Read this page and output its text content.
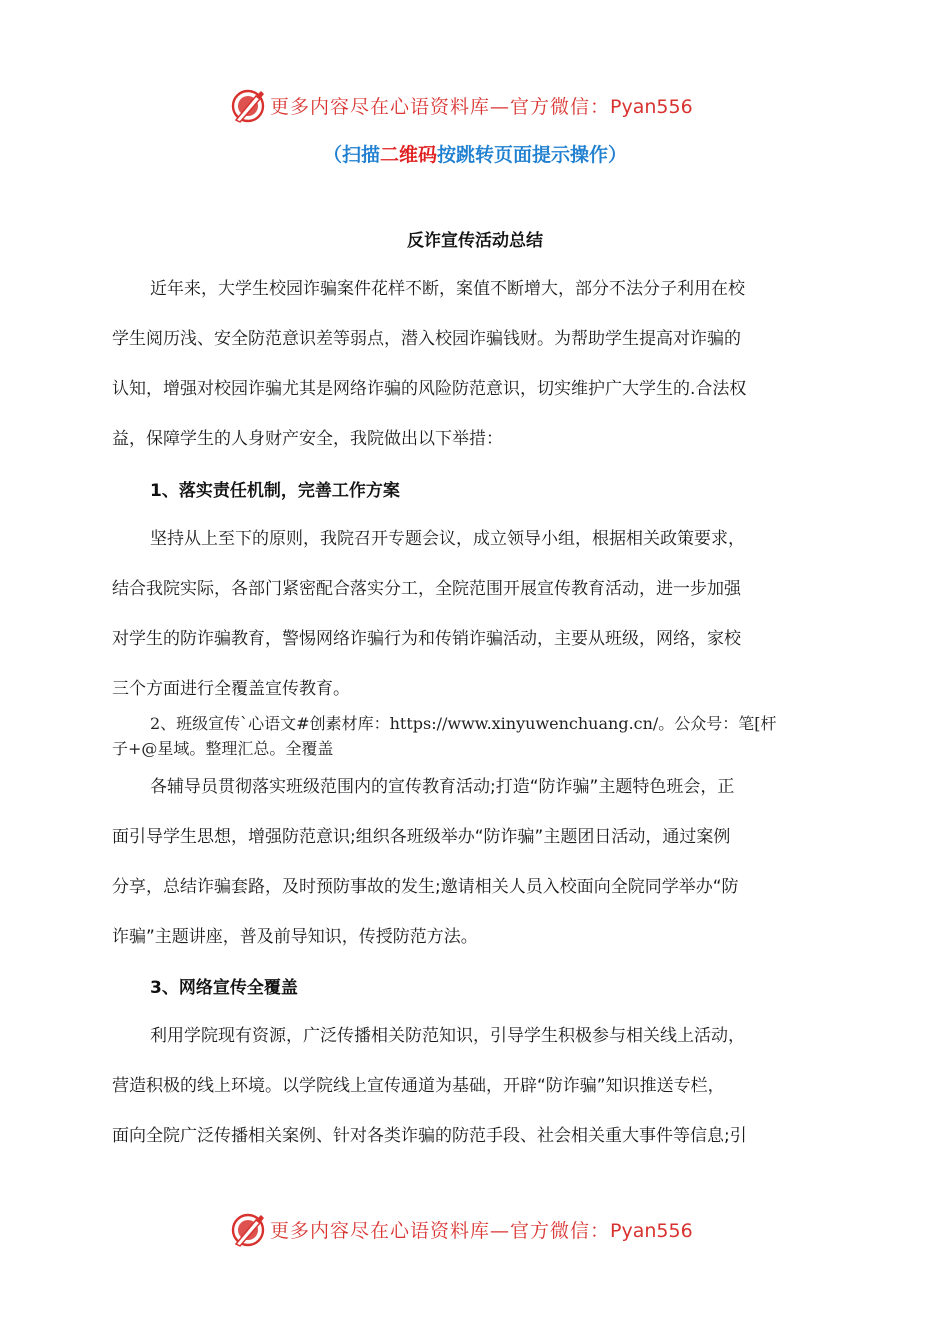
更多内容尽在心语资料库—官方微信：Pyan556
（扫描二维码按跳转页面提示操作）
反诈宣传活动总结
近年来，大学生校园诈骗案件花样不断，案值不断增大，部分不法分子利用在校
学生阅历浅、安全防范意识差等弱点，潜入校园诈骗钱财。为帮助学生提高对诈骗的
认知，增强对校园诈骗尤其是网络诈骗的风险防范意识，切实维护广大学生的.合法权
益，保障学生的人身财产安全，我院做出以下举措：
1、落实责任机制，完善工作方案
坚持从上至下的原则，我院召开专题会议，成立领导小组，根据相关政策要求，
结合我院实际，各部门紧密配合落实分工，全院范围开展宣传教育活动，进一步加强
对学生的防诈骗教育，警惕网络诈骗行为和传销诈骗活动，主要从班级，网络，家校
三个方面进行全覆盖宣传教育。
2、班级宣传`心语文#创素材库：https://www.xinyuwenchuang.cn/。公众号：笔[杆
子+@星域。整理汇总。全覆盖
各辅导员贯彻落实班级范围内的宣传教育活动;打造“防诈骗”主题特色班会，正
面引导学生思想，增强防范意识;组织各班级举办“防诈骗”主题团日活动，通过案例
分享，总结诈骗套路，及时预防事故的发生;邀请相关人员入校面向全院同学举办“防
诈骗”主题讲座，普及前导知识，传授防范方法。
3、网络宣传全覆盖
利用学院现有资源，广泛传播相关防范知识，引导学生积极参与相关线上活动，
营造积极的线上环境。以学院线上宣传通道为基础，开辟“防诈骗”知识推送专栏，
面向全院广泛传播相关案例、针对各类诈骗的防范手段、社会相关重大事件等信息;引
更多内容尽在心语资料库—官方微信：Pyan556
